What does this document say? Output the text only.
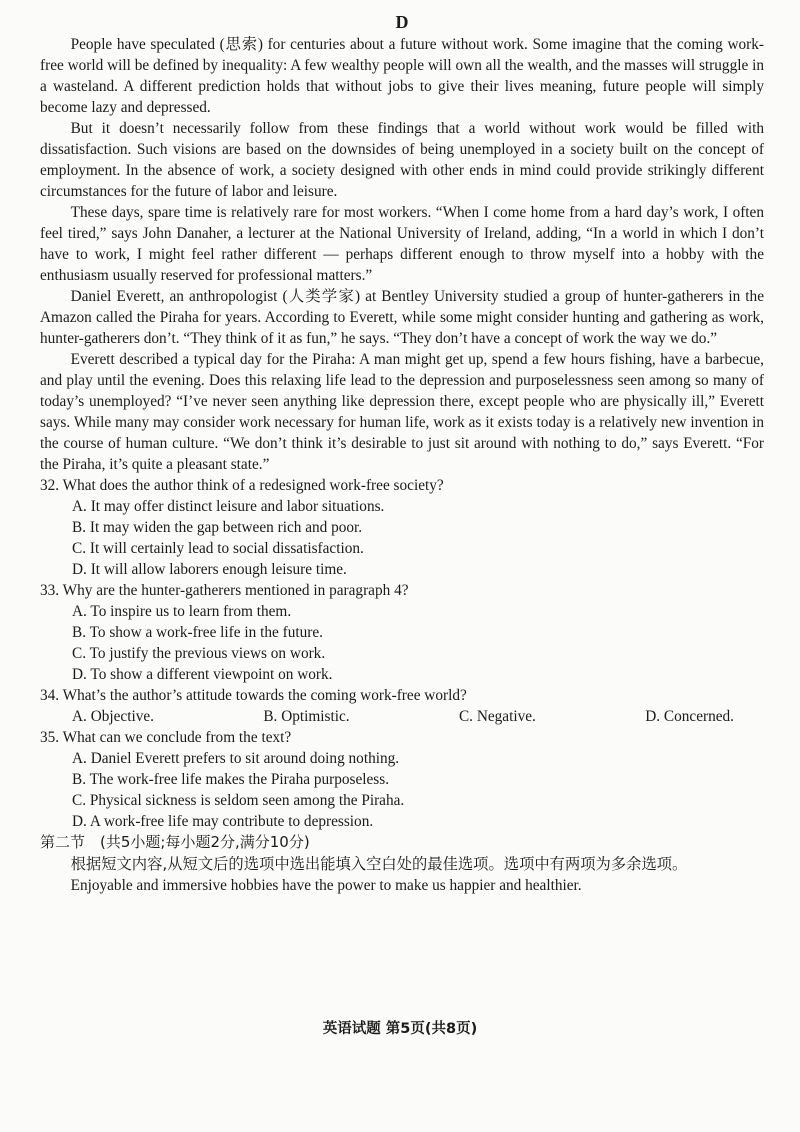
D

People have speculated (思索) for centuries about a future without work. Some imagine that the coming work-free world will be defined by inequality: A few wealthy people will own all the wealth, and the masses will struggle in a wasteland. A different prediction holds that without jobs to give their lives meaning, future people will simply become lazy and depressed.

But it doesn’t necessarily follow from these findings that a world without work would be filled with dissatisfaction. Such visions are based on the downsides of being unemployed in a society built on the concept of employment. In the absence of work, a society designed with other ends in mind could provide strikingly different circumstances for the future of labor and leisure.

These days, spare time is relatively rare for most workers. “When I come home from a hard day’s work, I often feel tired,” says John Danaher, a lecturer at the National University of Ireland, adding, “In a world in which I don’t have to work, I might feel rather different — perhaps different enough to throw myself into a hobby with the enthusiasm usually reserved for professional matters.”

Daniel Everett, an anthropologist (人类学家) at Bentley University studied a group of hunter-gatherers in the Amazon called the Piraha for years. According to Everett, while some might consider hunting and gathering as work, hunter-gatherers don’t. “They think of it as fun,” he says. “They don’t have a concept of work the way we do.”

Everett described a typical day for the Piraha: A man might get up, spend a few hours fishing, have a barbecue, and play until the evening. Does this relaxing life lead to the depression and purposelessness seen among so many of today’s unemployed? “I’ve never seen anything like depression there, except people who are physically ill,” Everett says. While many may consider work necessary for human life, work as it exists today is a relatively new invention in the course of human culture. “We don’t think it’s desirable to just sit around with nothing to do,” says Everett. “For the Piraha, it’s quite a pleasant state.”

32. What does the author think of a redesigned work-free society?

A. It may offer distinct leisure and labor situations.

B. It may widen the gap between rich and poor.

C. It will certainly lead to social dissatisfaction.

D. It will allow laborers enough leisure time.

33. Why are the hunter-gatherers mentioned in paragraph 4?

A. To inspire us to learn from them.

B. To show a work-free life in the future.

C. To justify the previous views on work.

D. To show a different viewpoint on work.

34. What’s the author’s attitude towards the coming work-free world?

A. Objective.	B. Optimistic.	C. Negative.	D. Concerned.

35. What can we conclude from the text?

A. Daniel Everett prefers to sit around doing nothing.

B. The work-free life makes the Piraha purposeless.

C. Physical sickness is seldom seen among the Piraha.

D. A work-free life may contribute to depression.

第二节　(共5小题;每小题2分,满分10分)

根据短文内容,从短文后的选项中选出能填入空白处的最佳选项。选项中有两项为多余选项。

Enjoyable and immersive hobbies have the power to make us happier and healthier.

英语试题 第5页(共8页)
